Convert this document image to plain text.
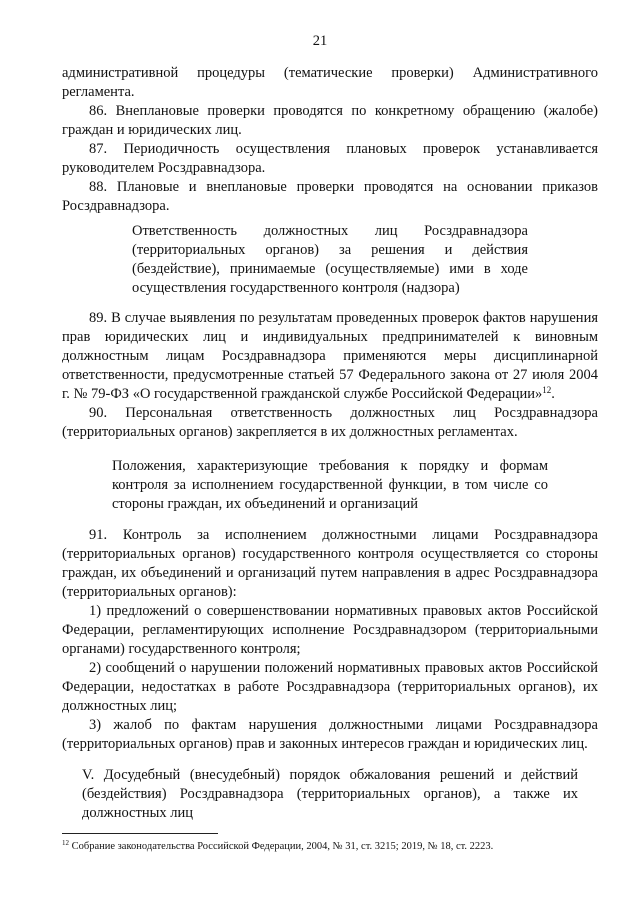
21

административной процедуры (тематические проверки) Административного регламента.

86. Внеплановые проверки проводятся по конкретному обращению (жалобе) граждан и юридических лиц.

87. Периодичность осуществления плановых проверок устанавливается руководителем Росздравнадзора.

88. Плановые и внеплановые проверки проводятся на основании приказов Росздравнадзора.

Ответственность должностных лиц Росздравнадзора (территориальных органов) за решения и действия (бездействие), принимаемые (осуществляемые) ими в ходе осуществления государственного контроля (надзора)

89. В случае выявления по результатам проведенных проверок фактов нарушения прав юридических лиц и индивидуальных предпринимателей к виновным должностным лицам Росздравнадзора применяются меры дисциплинарной ответственности, предусмотренные статьей 57 Федерального закона от 27 июля 2004 г. № 79-ФЗ «О государственной гражданской службе Российской Федерации»$^{12}$.

90. Персональная ответственность должностных лиц Росздравнадзора (территориальных органов) закрепляется в их должностных регламентах.

Положения, характеризующие требования к порядку и формам контроля за исполнением государственной функции, в том числе со стороны граждан, их объединений и организаций

91. Контроль за исполнением должностными лицами Росздравнадзора (территориальных органов) государственного контроля осуществляется со стороны граждан, их объединений и организаций путем направления в адрес Росздравнадзора (территориальных органов):

1) предложений о совершенствовании нормативных правовых актов Российской Федерации, регламентирующих исполнение Росздравнадзором (территориальными органами) государственного контроля;

2) сообщений о нарушении положений нормативных правовых актов Российской Федерации, недостатках в работе Росздравнадзора (территориальных органов), их должностных лиц;

3) жалоб по фактам нарушения должностными лицами Росздравнадзора (территориальных органов) прав и законных интересов граждан и юридических лиц.

V. Досудебный (внесудебный) порядок обжалования решений и действий (бездействия) Росздравнадзора (территориальных органов), а также их должностных лиц

$^{12}$ Собрание законодательства Российской Федерации, 2004, № 31, ст. 3215; 2019, № 18, ст. 2223.
